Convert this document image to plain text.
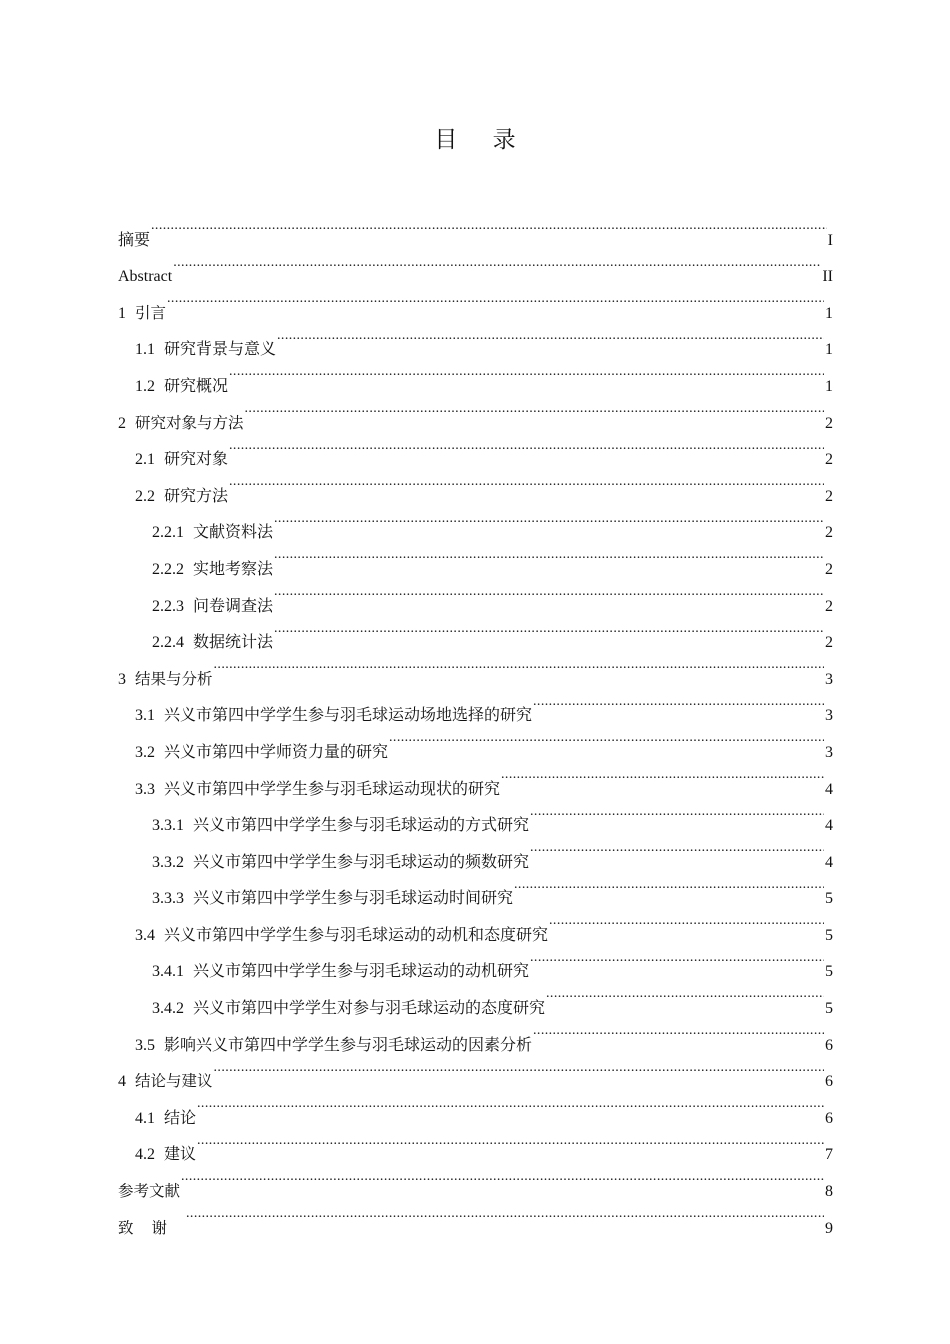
目 录
摘要 .....	I
Abstract .....	II
1 引言 .....	1
1.1 研究背景与意义 .....	1
1.2 研究概况 .....	1
2 研究对象与方法 .....	2
2.1 研究对象 .....	2
2.2 研究方法 .....	2
2.2.1 文献资料法 .....	2
2.2.2 实地考察法 .....	2
2.2.3 问卷调查法 .....	2
2.2.4 数据统计法 .....	2
3 结果与分析 .....	3
3.1 兴义市第四中学学生参与羽毛球运动场地选择的研究 .....	3
3.2 兴义市第四中学师资力量的研究 .....	3
3.3 兴义市第四中学学生参与羽毛球运动现状的研究 .....	4
3.3.1 兴义市第四中学学生参与羽毛球运动的方式研究 .....	4
3.3.2 兴义市第四中学学生参与羽毛球运动的频数研究 .....	4
3.3.3 兴义市第四中学学生参与羽毛球运动时间研究 .....	5
3.4 兴义市第四中学学生参与羽毛球运动的动机和态度研究 .....	5
3.4.1 兴义市第四中学学生参与羽毛球运动的动机研究 .....	5
3.4.2 兴义市第四中学学生对参与羽毛球运动的态度研究 .....	5
3.5 影响兴义市第四中学学生参与羽毛球运动的因素分析 .....	6
4 结论与建议 .....	6
4.1 结论 .....	6
4.2 建议 .....	7
参考文献 .....	8
致谢 .....	9
